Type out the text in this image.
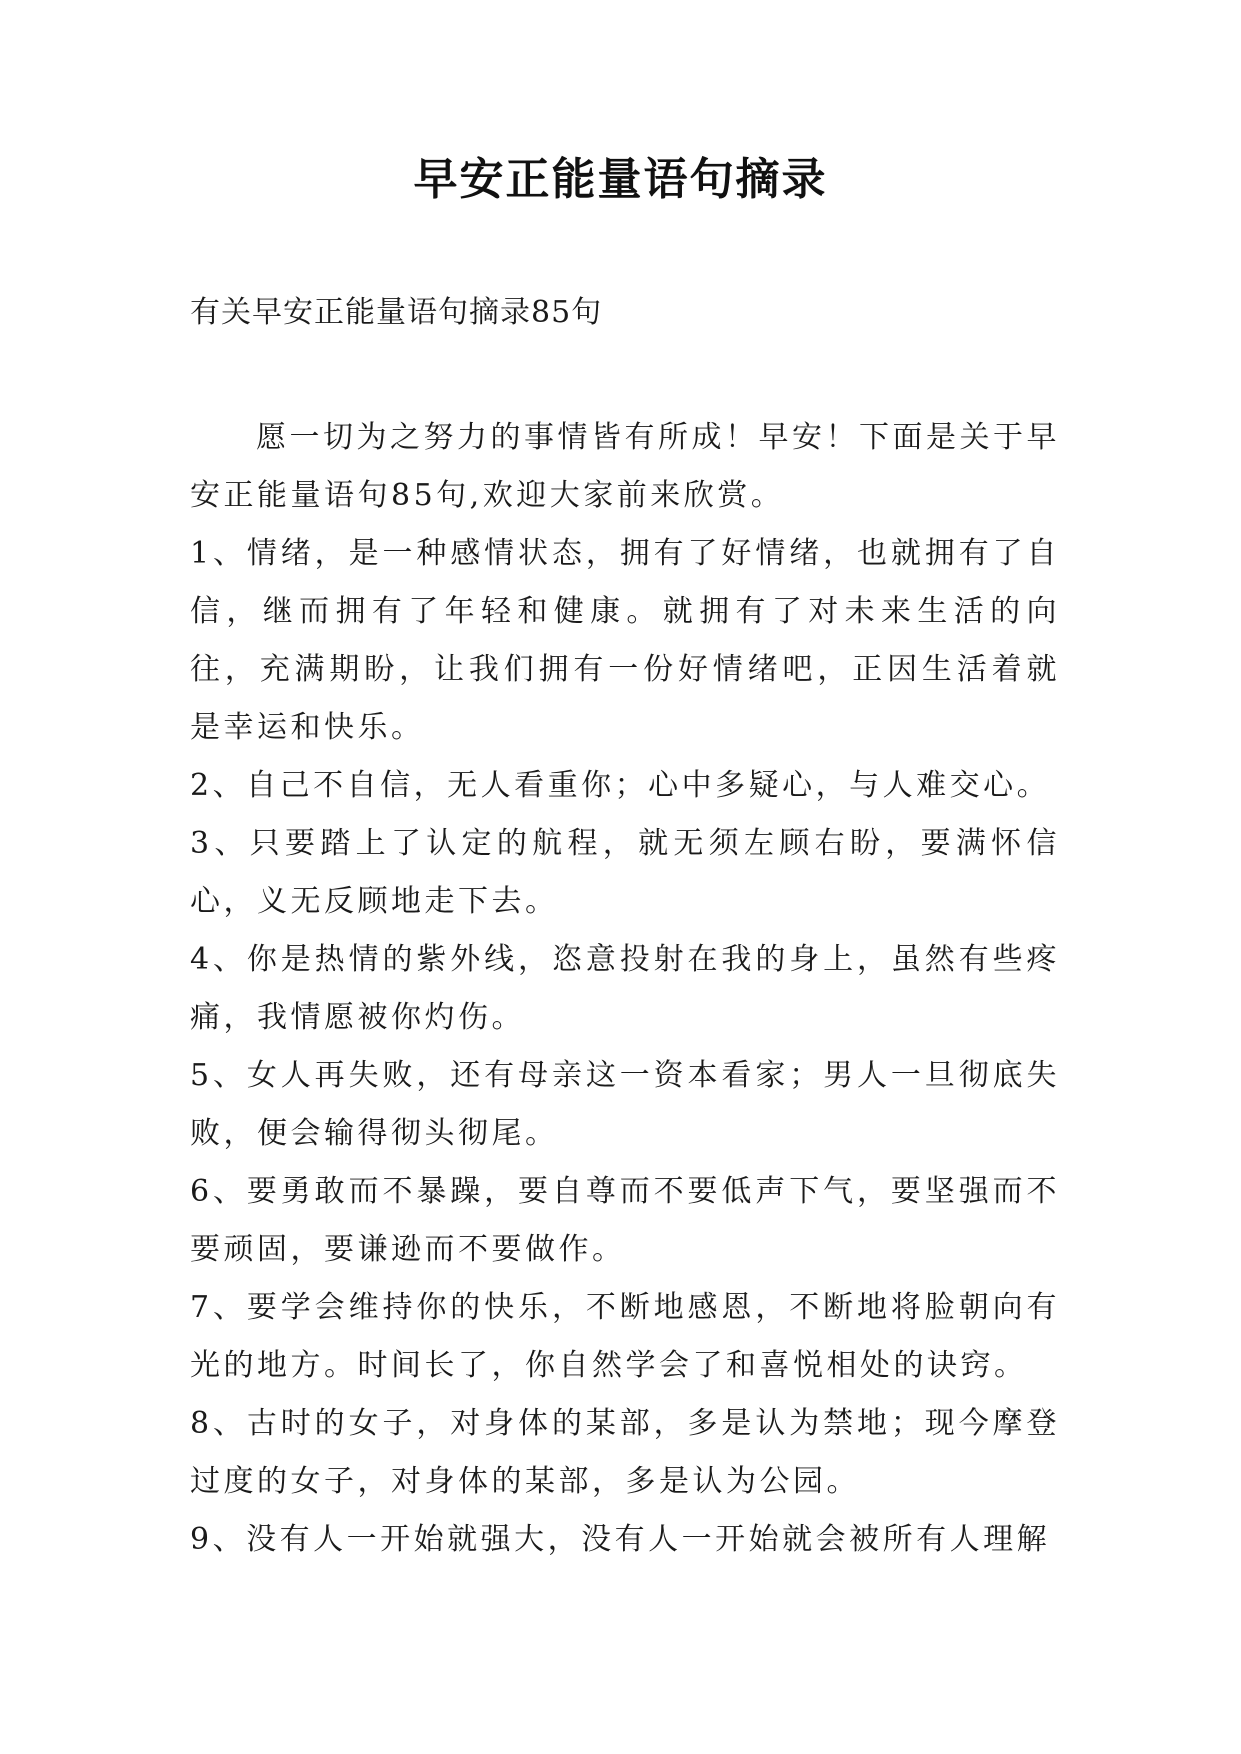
早安正能量语句摘录
有关早安正能量语句摘录85句

愿一切为之努力的事情皆有所成！早安！下面是关于早安正能量语句85句,欢迎大家前来欣赏。

1、情绪，是一种感情状态，拥有了好情绪，也就拥有了自信，继而拥有了年轻和健康。就拥有了对未来生活的向往，充满期盼，让我们拥有一份好情绪吧，正因生活着就是幸运和快乐。

2、自己不自信，无人看重你；心中多疑心，与人难交心。

3、只要踏上了认定的航程，就无须左顾右盼，要满怀信心，义无反顾地走下去。

4、你是热情的紫外线，恣意投射在我的身上，虽然有些疼痛，我情愿被你灼伤。

5、女人再失败，还有母亲这一资本看家；男人一旦彻底失败，便会输得彻头彻尾。

6、要勇敢而不暴躁，要自尊而不要低声下气，要坚强而不要顽固，要谦逊而不要做作。

7、要学会维持你的快乐，不断地感恩，不断地将脸朝向有光的地方。时间长了，你自然学会了和喜悦相处的诀窍。

8、古时的女子，对身体的某部，多是认为禁地；现今摩登过度的女子，对身体的某部，多是认为公园。

9、没有人一开始就强大，没有人一开始就会被所有人理解
